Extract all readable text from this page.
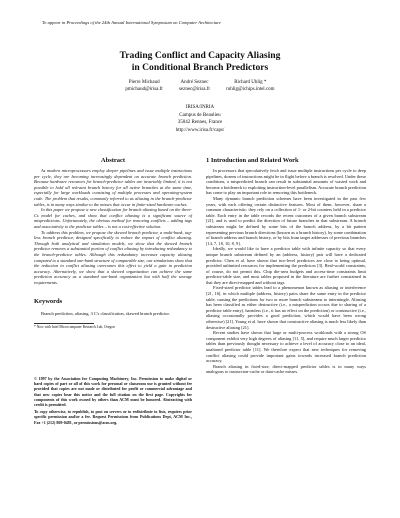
To appear in Proceedings of the 24th Annual International Symposium on Computer Architecture
Trading Conflict and Capacity Aliasing
in Conditional Branch Predictors
Pierre Michaud
pmichaud@irisa.fr
André Seznec
seznec@irisa.fr
Richard Uhlig *
ruhlig@ichips.intel.com
IRISA/INRIA
Campus de Beaulieu
35042 Rennes, France
http://www.irisa.fr/caps/
Abstract

As modern microprocessors employ deeper pipelines and issue multiple instructions per cycle, they are becoming increasingly dependent on accurate branch prediction. Because hardware resources for branch-predictor tables are invariably limited, it is not possible to hold all relevant branch history for all active branches at the same time, especially for large workloads consisting of multiple processes and operating-system code. The problem that results, commonly referred to as aliasing in the branch-predictor tables, is in many ways similar to the misses that occur in finite-sized hardware caches.

In this paper we propose a new classification for branch aliasing based on the three-Cs model for caches, and show that conflict aliasing is a significant source of mispredictions. Unfortunately, the obvious method for removing conflicts – adding tags and associativity to the predictor tables – is not a cost-effective solution.

To address this problem, we propose the skewed branch predictor, a multi-bank, tag-less branch predictor, designed specifically to reduce the impact of conflict aliasing. Through both analytical and simulation models, we show that the skewed branch predictor removes a substantial portion of conflict aliasing by introducing redundancy to the branch-predictor tables. Although this redundancy increases capacity aliasing compared to a standard one-bank structure of comparable size, our simulations show that the reduction in conflict aliasing overcomes this effect to yield a gain in prediction accuracy. Alternatively, we show that a skewed organization can achieve the same prediction accuracy as a standard one-bank organization but with half the storage requirements.

Keywords
Branch prediction, aliasing, 3 C's classification, skewed branch predictor.
* Now with Intel Microcomputer Research Lab, Oregon

© 1997 by the Association for Computing Machinery, Inc. Permission to make digital or hard copies of part or all of this work for personal or classroom use is granted without fee provided that copies are not made or distributed for profit or commercial advantage and that new copies bear this notice and the full citation on the first page. Copyrights for components of this work owned by others than ACM must be honored. Abstracting with credit is permitted.

To copy otherwise, to republish, to post on servers or to redistribute to lists, requires prior specific permission and/or a fee. Request Permissions from Publications Dept, ACM Inc., Fax +1 (212) 869-0481, or permissions@acm.org.

1 Introduction and Related Work

In processors that speculatively fetch and issue multiple instructions per cycle to deep pipelines, dozens of instructions might be in flight before a branch is resolved. Under these conditions, a mispredicted branch can result in substantial amounts of wasted work and become a bottleneck to exploiting instruction-level parallelism. Accurate branch prediction has come to play an important role in removing this bottleneck.

Many dynamic branch prediction schemes have been investigated in the past few years, with each offering certain distinctive features. Most of them, however, share a common characteristic: they rely on a collection of 1- or 2-bit counters held in a predictor table. Each entry in the table records the recent outcomes of a given branch substream [21], and is used to predict the direction of future branches in that substream. A branch substream might be defined by some bits of the branch address, by a bit pattern representing previous branch directions (known as a branch history), by some combination of branch address and branch history, or by bits from target addresses of previous branches [14, 7, 18, 10, 8, 9].

Ideally, we would like to have a predictor table with infinite capacity so that every unique branch substream defined by an (address, history) pair will have a dedicated predictor. Chen et al. have shown that two-level predictors are close to being optimal, provided unlimited resources for implementing the predictors [3]. Real-world constraints, of course, do not permit this. Chip die-area budgets and access-time constraints limit predictor-table size, and most tables proposed in the literature are further constrained in that they are direct-mapped and without tags.

Fixed-sized predictor tables lead to a phenomenon known as aliasing or interference [21, 16], in which multiple (address, history) pairs share the same entry in the predictor table, causing the predictions for two or more branch substreams to intermingle. Aliasing has been classified as either destructive (i.e., a misprediction occurs due to sharing of a predictor table entry), harmless (i.e., it has no effect on the prediction) or constructive (i.e., aliasing occasionally provides a good prediction, which would have been wrong otherwise) [21]. Young et al. have shown that constructive aliasing is much less likely than destructive aliasing [21].

Recent studies have shown that large or multi-process workloads with a strong OS component exhibit very high degrees of aliasing [11, 5], and require much larger predictor tables than previously thought necessary to achieve a level of accuracy close to an ideal, unaliased predictor table [11]. We therefore expect that new techniques for removing conflict aliasing could provide important gains towards increased branch prediction accuracy.

Branch aliasing in fixed-size, direct-mapped predictor tables is in many ways analogous to instruction-cache or data-cache misses.
